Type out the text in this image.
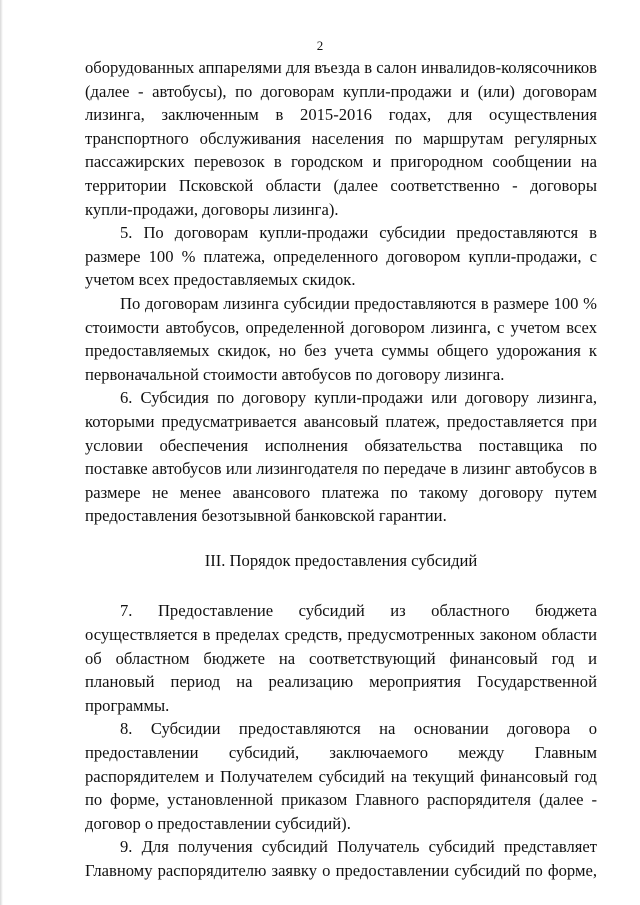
2

оборудованных аппарелями для въезда в салон инвалидов-колясочников (далее - автобусы), по договорам купли-продажи и (или) договорам лизинга, заключенным в 2015-2016 годах, для осуществления транспортного обслуживания населения по маршрутам регулярных пассажирских перевозок в городском и пригородном сообщении на территории Псковской области (далее соответственно - договоры купли-продажи, договоры лизинга).

5. По договорам купли-продажи субсидии предоставляются в размере 100 % платежа, определенного договором купли-продажи, с учетом всех предоставляемых скидок.

По договорам лизинга субсидии предоставляются в размере 100 % стоимости автобусов, определенной договором лизинга, с учетом всех предоставляемых скидок, но без учета суммы общего удорожания к первоначальной стоимости автобусов по договору лизинга.

6. Субсидия по договору купли-продажи или договору лизинга, которыми предусматривается авансовый платеж, предоставляется при условии обеспечения исполнения обязательства поставщика по поставке автобусов или лизингодателя по передаче в лизинг автобусов в размере не менее авансового платежа по такому договору путем предоставления безотзывной банковской гарантии.

III. Порядок предоставления субсидий

7. Предоставление субсидий из областного бюджета осуществляется в пределах средств, предусмотренных законом области об областном бюджете на соответствующий финансовый год и плановый период на реализацию мероприятия Государственной программы.

8. Субсидии предоставляются на основании договора о предоставлении субсидий, заключаемого между Главным распорядителем и Получателем субсидий на текущий финансовый год по форме, установленной приказом Главного распорядителя (далее - договор о предоставлении субсидий).

9. Для получения субсидий Получатель субсидий представляет Главному распорядителю заявку о предоставлении субсидий по форме,
